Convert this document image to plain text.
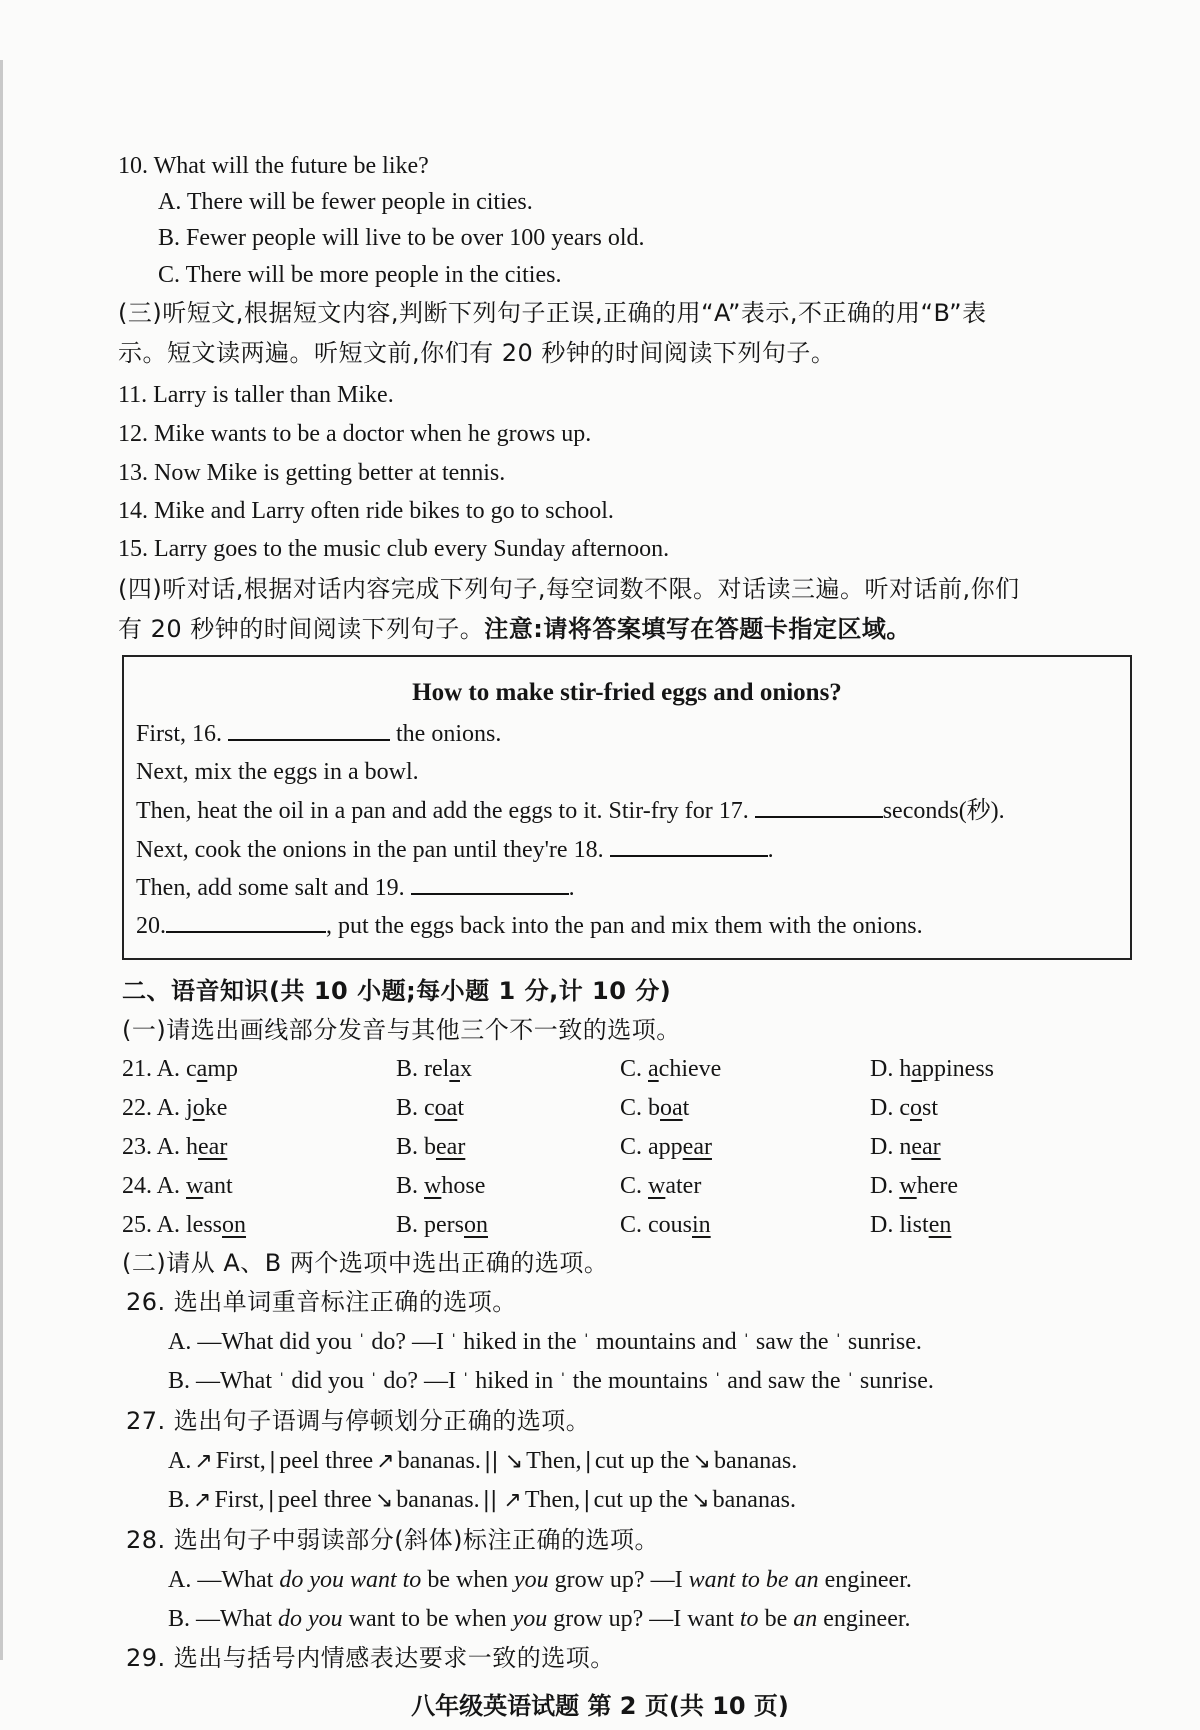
10. What will the future be like?
A. There will be fewer people in cities.
B. Fewer people will live to be over 100 years old.
C. There will be more people in the cities.
(三)听短文,根据短文内容,判断下列句子正误,正确的用“A”表示,不正确的用“B”表
示。短文读两遍。听短文前,你们有 20 秒钟的时间阅读下列句子。
11. Larry is taller than Mike.
12. Mike wants to be a doctor when he grows up.
13. Now Mike is getting better at tennis.
14. Mike and Larry often ride bikes to go to school.
15. Larry goes to the music club every Sunday afternoon.
(四)听对话,根据对话内容完成下列句子,每空词数不限。对话读三遍。听对话前,你们
有 20 秒钟的时间阅读下列句子。注意:请将答案填写在答题卡指定区域。
How to make stir-fried eggs and onions?
First, 16.	the onions.
Next, mix the eggs in a bowl.
Then, heat the oil in a pan and add the eggs to it. Stir-fry for 17.	seconds(秒).
Next, cook the onions in the pan until they're 18.	.
Then, add some salt and 19.	.
20.	, put the eggs back into the pan and mix them with the onions.
二、语音知识(共 10 小题;每小题 1 分,计 10 分)
(一)请选出画线部分发音与其他三个不一致的选项。
21. A. camp	B. relax	C. achieve	D. happiness
22. A. joke	B. coat	C. boat	D. cost
23. A. hear	B. bear	C. appear	D. near
24. A. want	B. whose	C. water	D. where
25. A. lesson	B. person	C. cousin	D. listen
(二)请从 A、B 两个选项中选出正确的选项。
26. 选出单词重音标注正确的选项。
A. —What did you ˈ do? —I ˈ hiked in the ˈ mountains and ˈ saw the ˈ sunrise.
B. —What ˈ did you ˈ do? —I ˈ hiked in ˈ the mountains ˈ and saw the ˈ sunrise.
27. 选出句子语调与停顿划分正确的选项。
A. ↗ First, | peel three ↗ bananas. || ↘ Then, | cut up the ↘ bananas.
B. ↗ First, | peel three ↘ bananas. || ↗ Then, | cut up the ↘ bananas.
28. 选出句子中弱读部分(斜体)标注正确的选项。
A. —What do you want to be when you grow up? —I want to be an engineer.
B. —What do you want to be when you grow up? —I want to be an engineer.
29. 选出与括号内情感表达要求一致的选项。
八年级英语试题 第 2 页(共 10 页)
